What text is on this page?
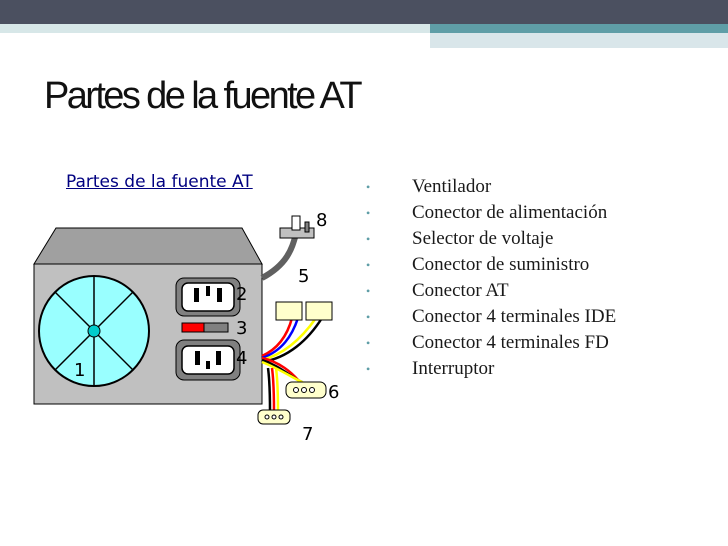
Partes de la fuente AT
1
2
3
4
5
6
7
8
Partes de la fuente AT	•	Ventilador
•	Conector de alimentación
•	Selector de voltaje
•	Conector de suministro
•	Conector AT
•	Conector 4 terminales IDE
•	Conector 4 terminales FD
•	Interruptor
